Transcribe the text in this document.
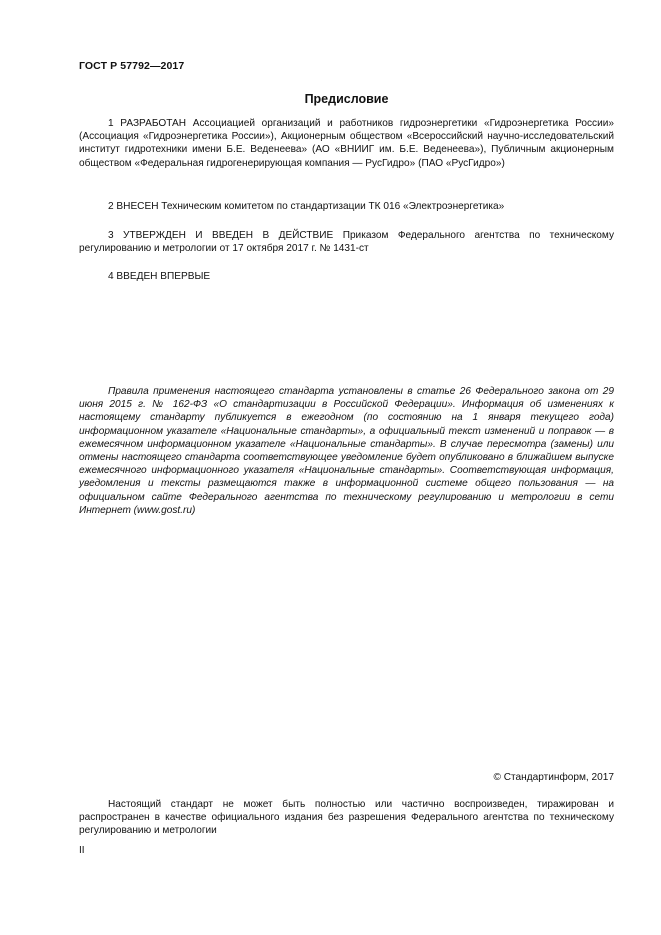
ГОСТ Р 57792—2017
Предисловие

1 РАЗРАБОТАН Ассоциацией организаций и работников гидроэнергетики «Гидроэнергетика России» (Ассоциация «Гидроэнергетика России»), Акционерным обществом «Всероссийский научно-исследовательский институт гидротехники имени Б.Е. Веденеева» (АО «ВНИИГ им. Б.Е. Веденеева»), Публичным акционерным обществом «Федеральная гидрогенерирующая компания — РусГидро» (ПАО «РусГидро»)

2 ВНЕСЕН Техническим комитетом по стандартизации ТК 016 «Электроэнергетика»

3 УТВЕРЖДЕН И ВВЕДЕН В ДЕЙСТВИЕ Приказом Федерального агентства по техническому регулированию и метрологии от 17 октября 2017 г. № 1431-ст

4 ВВЕДЕН ВПЕРВЫЕ

Правила применения настоящего стандарта установлены в статье 26 Федерального закона от 29 июня 2015 г. № 162-ФЗ «О стандартизации в Российской Федерации». Информация об изменениях к настоящему стандарту публикуется в ежегодном (по состоянию на 1 января текущего года) информационном указателе «Национальные стандарты», а официальный текст изменений и поправок — в ежемесячном информационном указателе «Национальные стандарты». В случае пересмотра (замены) или отмены настоящего стандарта соответствующее уведомление будет опубликовано в ближайшем выпуске ежемесячного информационного указателя «Национальные стандарты». Соответствующая информация, уведомления и тексты размещаются также в информационной системе общего пользования — на официальном сайте Федерального агентства по техническому регулированию и метрологии в сети Интернет (www.gost.ru)

© Стандартинформ, 2017

Настоящий стандарт не может быть полностью или частично воспроизведен, тиражирован и распространен в качестве официального издания без разрешения Федерального агентства по техническому регулированию и метрологии

II
